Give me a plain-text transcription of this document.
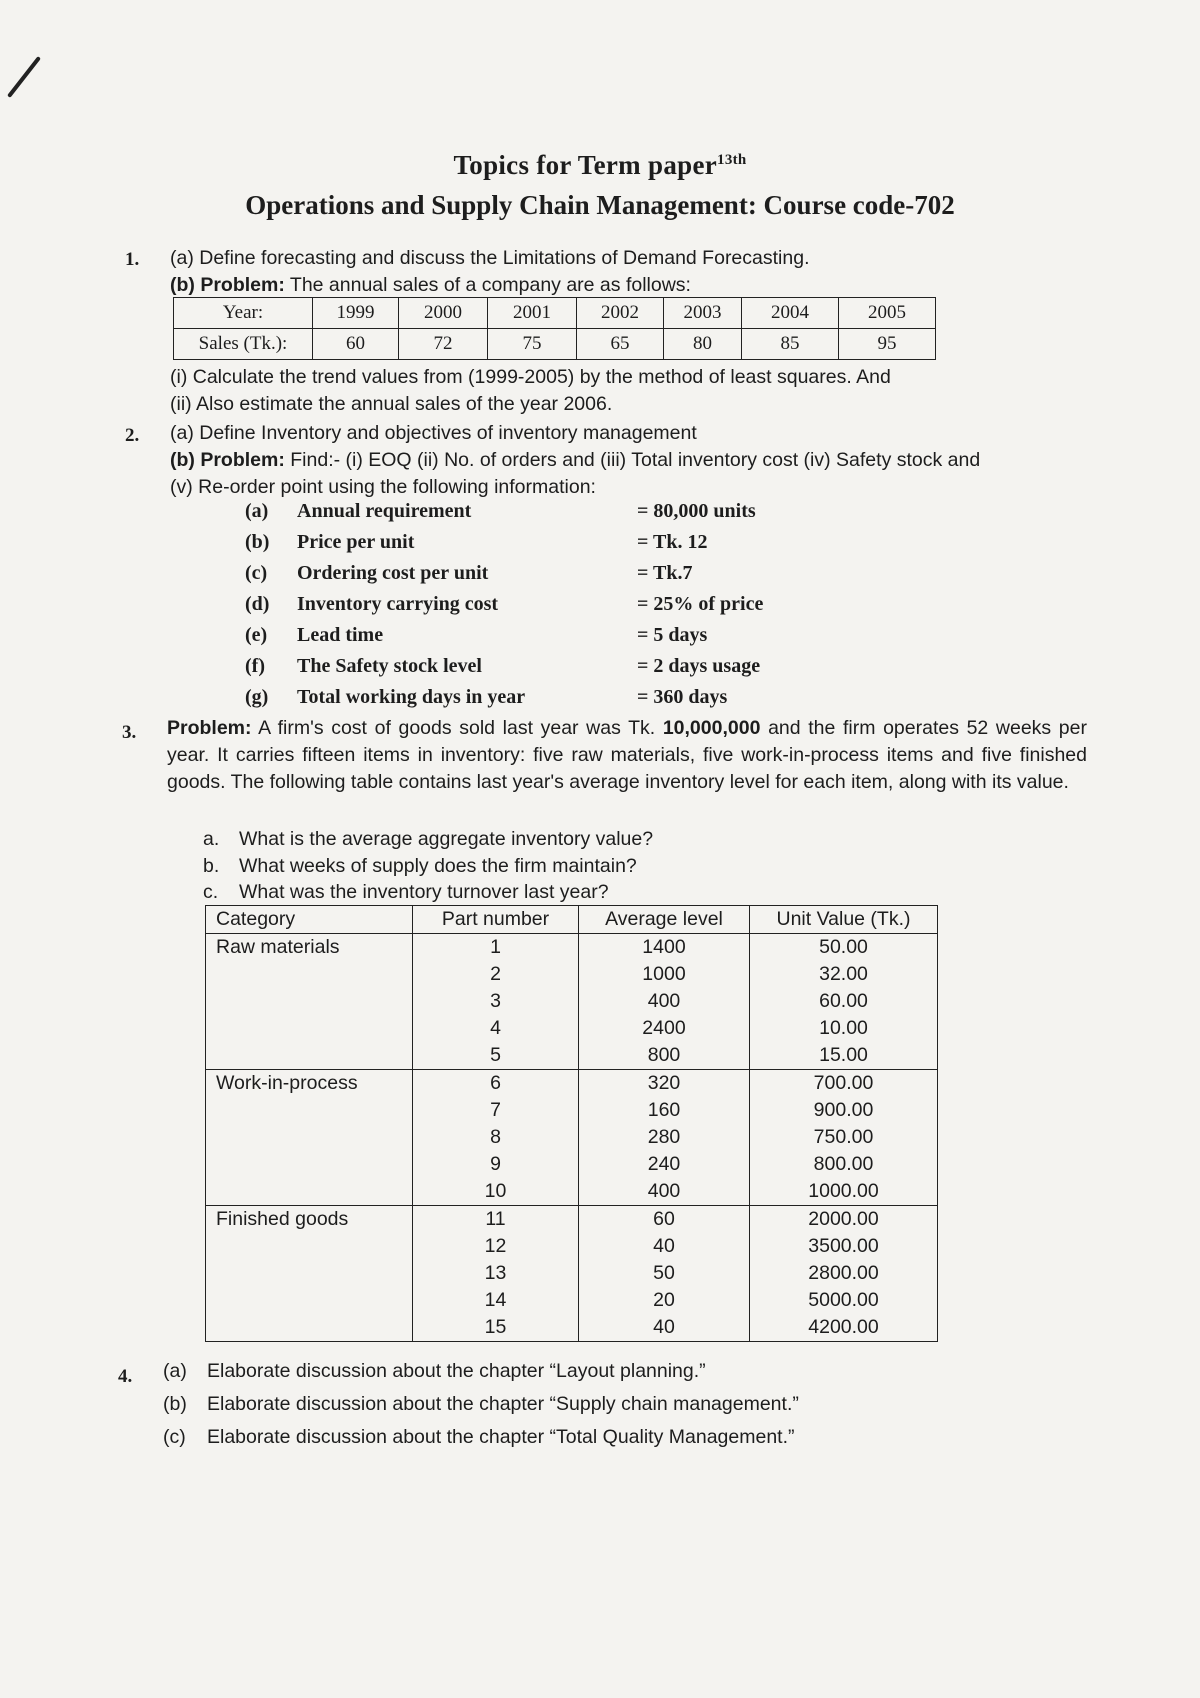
Topics for Term paper$^{13th}$
Operations and Supply Chain Management: Course code-702
1. (a) Define forecasting and discuss the Limitations of Demand Forecasting.
(b) Problem: The annual sales of a company are as follows:
Year:	1999	2000	2001	2002	2003	2004	2005
Sales (Tk.):	60	72	75	65	80	85	95
(i) Calculate the trend values from (1999-2005) by the method of least squares. And
(ii) Also estimate the annual sales of the year 2006.
2. (a) Define Inventory and objectives of inventory management
(b) Problem: Find:- (i) EOQ (ii) No. of orders and (iii) Total inventory cost (iv) Safety stock and
(v) Re-order point using the following information:
(a) Annual requirement	= 80,000 units
(b) Price per unit	= Tk. 12
(c) Ordering cost per unit	= Tk.7
(d) Inventory carrying cost	= 25% of price
(e) Lead time	= 5 days
(f) The Safety stock level	= 2 days usage
(g) Total working days in year	= 360 days
3. Problem: A firm's cost of goods sold last year was Tk. 10,000,000 and the firm operates 52 weeks per year. It carries fifteen items in inventory: five raw materials, five work-in-process items and five finished goods. The following table contains last year's average inventory level for each item, along with its value.
a. What is the average aggregate inventory value?
b. What weeks of supply does the firm maintain?
c. What was the inventory turnover last year?
Category	Part number	Average level	Unit Value (Tk.)
Raw materials	1	1400	50.00
	2	1000	32.00
	3	400	60.00
	4	2400	10.00
	5	800	15.00
Work-in-process	6	320	700.00
	7	160	900.00
	8	280	750.00
	9	240	800.00
	10	400	1000.00
Finished goods	11	60	2000.00
	12	40	3500.00
	13	50	2800.00
	14	20	5000.00
	15	40	4200.00
4. (a) Elaborate discussion about the chapter “Layout planning.”
(b) Elaborate discussion about the chapter “Supply chain management.”
(c) Elaborate discussion about the chapter “Total Quality Management.”
